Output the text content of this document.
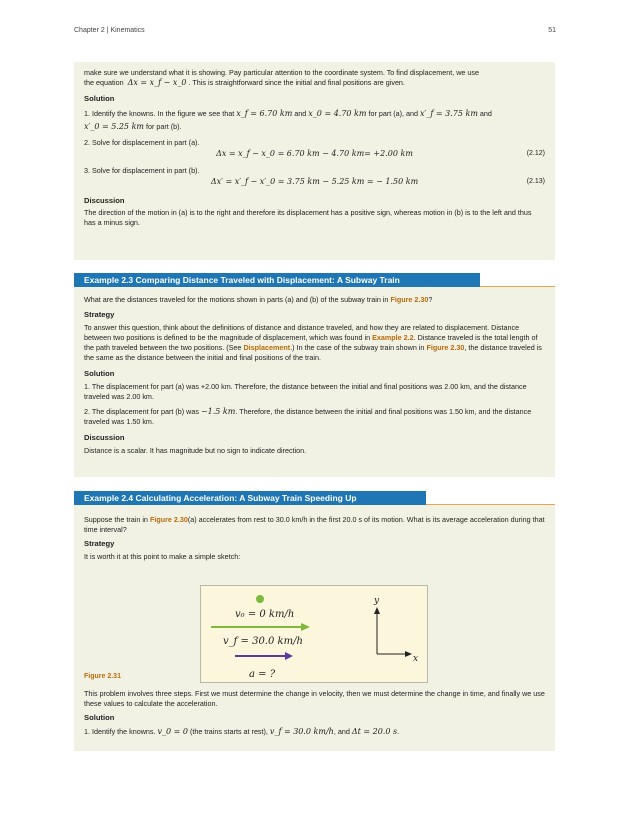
Chapter 2 | Kinematics	51

make sure we understand what it is showing. Pay particular attention to the coordinate system. To find displacement, we use

the equation Δx = x_f − x_0 . This is straightforward since the initial and final positions are given.

Solution

1. Identify the knowns. In the figure we see that x_f = 6.70 km and x_0 = 4.70 km for part (a), and x′_f = 3.75 km and
x′_0 = 5.25 km for part (b).

2. Solve for displacement in part (a).

Δx = x_f − x_0 = 6.70 km − 4.70 km= +2.00 km	(2.12)

3. Solve for displacement in part (b).

Δx′ = x′_f − x′_0 = 3.75 km − 5.25 km = − 1.50 km	(2.13)

Discussion

The direction of the motion in (a) is to the right and therefore its displacement has a positive sign, whereas motion in (b) is to the left and thus has a minus sign.

Example 2.3 Comparing Distance Traveled with Displacement: A Subway Train

What are the distances traveled for the motions shown in parts (a) and (b) of the subway train in Figure 2.30?

Strategy

To answer this question, think about the definitions of distance and distance traveled, and how they are related to displacement. Distance between two positions is defined to be the magnitude of displacement, which was found in Example 2.2. Distance traveled is the total length of the path traveled between the two positions. (See Displacement.) In the case of the subway train shown in Figure 2.30, the distance traveled is the same as the distance between the initial and final positions of the train.

Solution

1. The displacement for part (a) was +2.00 km. Therefore, the distance between the initial and final positions was 2.00 km, and the distance traveled was 2.00 km.

2. The displacement for part (b) was −1.5 km. Therefore, the distance between the initial and final positions was 1.50 km, and the distance traveled was 1.50 km.

Discussion

Distance is a scalar. It has magnitude but no sign to indicate direction.

Example 2.4 Calculating Acceleration: A Subway Train Speeding Up

Suppose the train in Figure 2.30(a) accelerates from rest to 30.0 km/h in the first 20.0 s of its motion. What is its average acceleration during that time interval?

Strategy

It is worth it at this point to make a simple sketch:

v₀ = 0 km/h
v_f = 30.0 km/h
a = ?
y
x
Figure 2.31

This problem involves three steps. First we must determine the change in velocity, then we must determine the change in time, and finally we use these values to calculate the acceleration.

Solution

1. Identify the knowns. v_0 = 0 (the trains starts at rest), v_f = 30.0 km/h, and Δt = 20.0 s.
